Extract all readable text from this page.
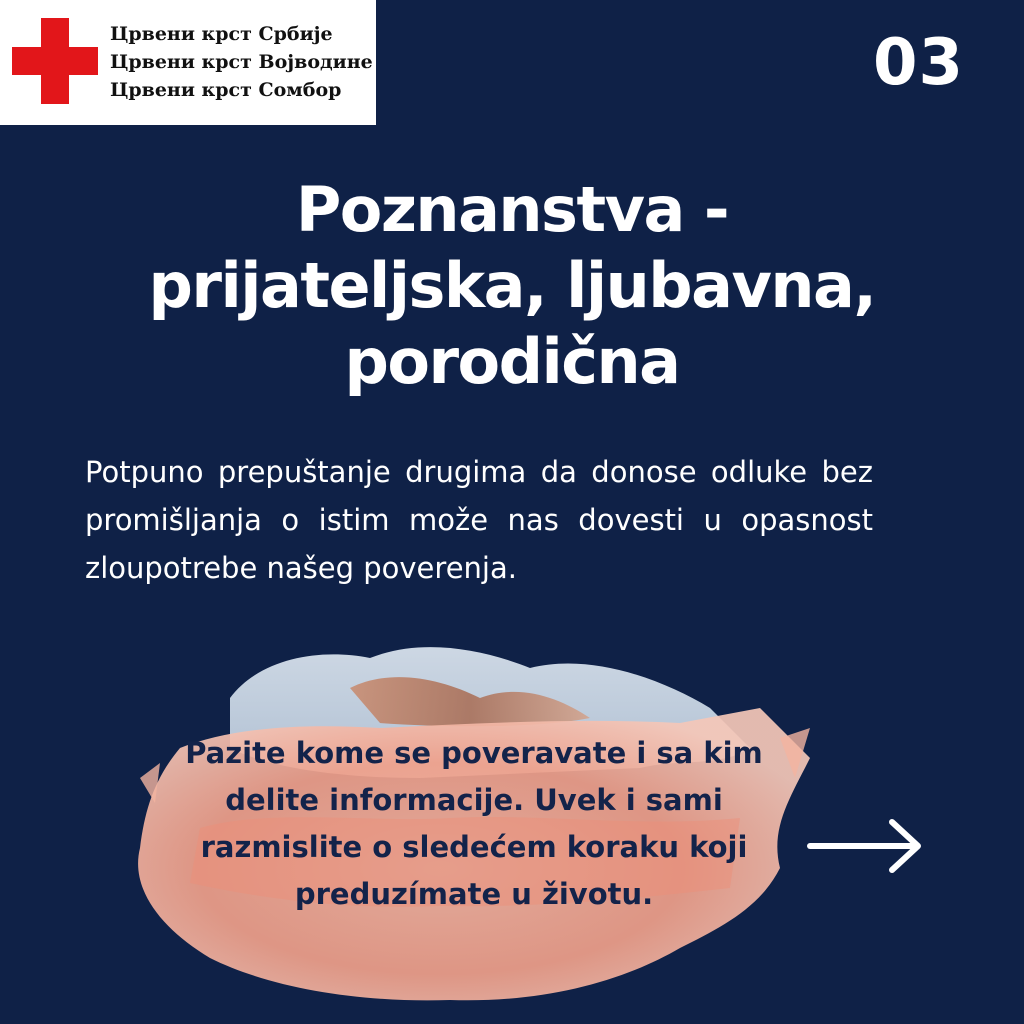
Црвени крст Србије
Црвени крст Војводине
Црвени крст Сомбор	03
Poznanstva -
prijateljska, ljubavna,
porodična

Potpuno prepuštanje drugima da donose odluke bez promišljanja o istim može nas dovesti u opasnost zloupotrebe našeg poverenja.

Pazite kome se poveravate i sa kim delite informacije. Uvek i sami razmislite o sledećem koraku koji preduzímate u životu.
